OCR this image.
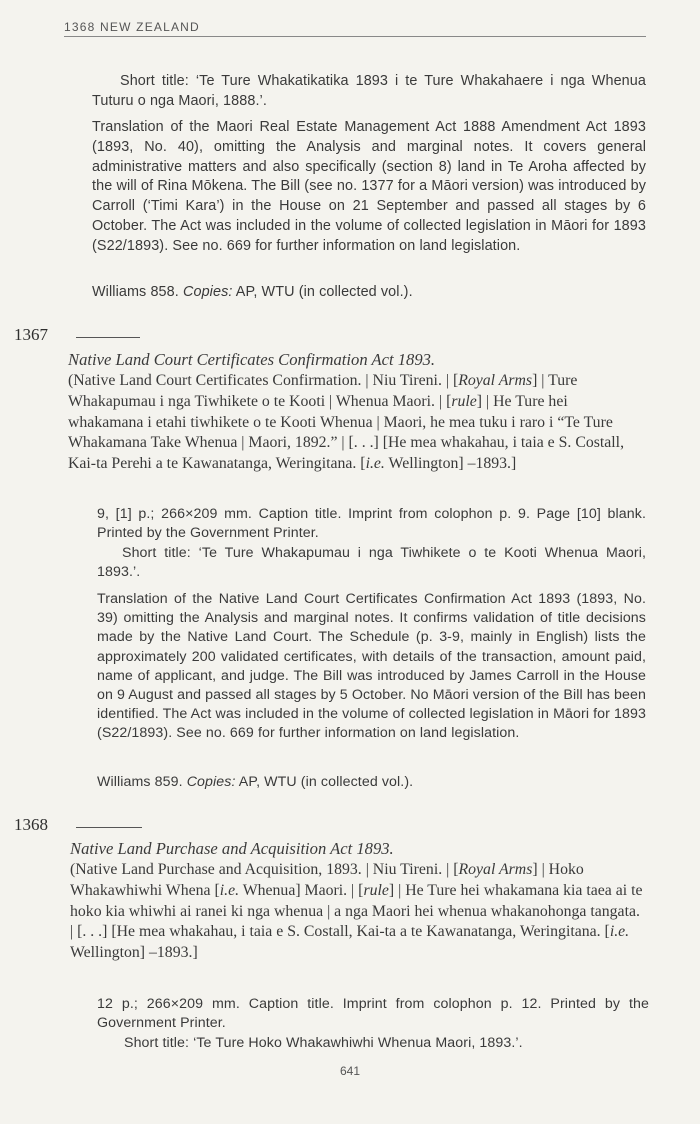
1368 NEW ZEALAND

Short title: ‘Te Ture Whakatikatika 1893 i te Ture Whakahaere i nga Whenua Tuturu o nga Maori, 1888.’.

Translation of the Maori Real Estate Management Act 1888 Amendment Act 1893 (1893, No. 40), omitting the Analysis and marginal notes. It covers general administrative matters and also specifically (section 8) land in Te Aroha affected by the will of Rina Mōkena. The Bill (see no. 1377 for a Māori version) was introduced by Carroll (‘Timi Kara’) in the House on 21 September and passed all stages by 6 October. The Act was included in the volume of collected legislation in Māori for 1893 (S22/1893). See no. 669 for further information on land legislation.

Williams 858. Copies: AP, WTU (in collected vol.).

1367
Native Land Court Certificates Confirmation Act 1893.

(Native Land Court Certificates Confirmation. | Niu Tireni. | [Royal Arms] | Ture Whakapumau i nga Tiwhikete o te Kooti | Whenua Maori. | [rule] | He Ture hei whakamana i etahi tiwhikete o te Kooti Whenua | Maori, he mea tuku i raro i “Te Ture Whakamana Take Whenua | Maori, 1892.” | [. . .] [He mea whakahau, i taia e S. Costall, Kai-ta Perehi a te Kawanatanga, Weringitana. [i.e. Wellington] –1893.]

9, [1] p.; 266×209 mm. Caption title. Imprint from colophon p. 9. Page [10] blank. Printed by the Government Printer.

Short title: ‘Te Ture Whakapumau i nga Tiwhikete o te Kooti Whenua Maori, 1893.’.

Translation of the Native Land Court Certificates Confirmation Act 1893 (1893, No. 39) omitting the Analysis and marginal notes. It confirms validation of title decisions made by the Native Land Court. The Schedule (p. 3-9, mainly in English) lists the approximately 200 validated certificates, with details of the transaction, amount paid, name of applicant, and judge. The Bill was introduced by James Carroll in the House on 9 August and passed all stages by 5 October. No Māori version of the Bill has been identified. The Act was included in the volume of collected legislation in Māori for 1893 (S22/1893). See no. 669 for further information on land legislation.

Williams 859. Copies: AP, WTU (in collected vol.).

1368
Native Land Purchase and Acquisition Act 1893.

(Native Land Purchase and Acquisition, 1893. | Niu Tireni. | [Royal Arms] | Hoko Whakawhiwhi Whena [i.e. Whenua] Maori. | [rule] | He Ture hei whakamana kia taea ai te hoko kia whiwhi ai ranei ki nga whenua | a nga Maori hei whenua whakanohonga tangata. | [. . .] [He mea whakahau, i taia e S. Costall, Kai-ta a te Kawanatanga, Weringitana. [i.e. Wellington] –1893.]

12 p.; 266×209 mm. Caption title. Imprint from colophon p. 12. Printed by the Government Printer.

Short title: ‘Te Ture Hoko Whakawhiwhi Whenua Maori, 1893.’.

641
